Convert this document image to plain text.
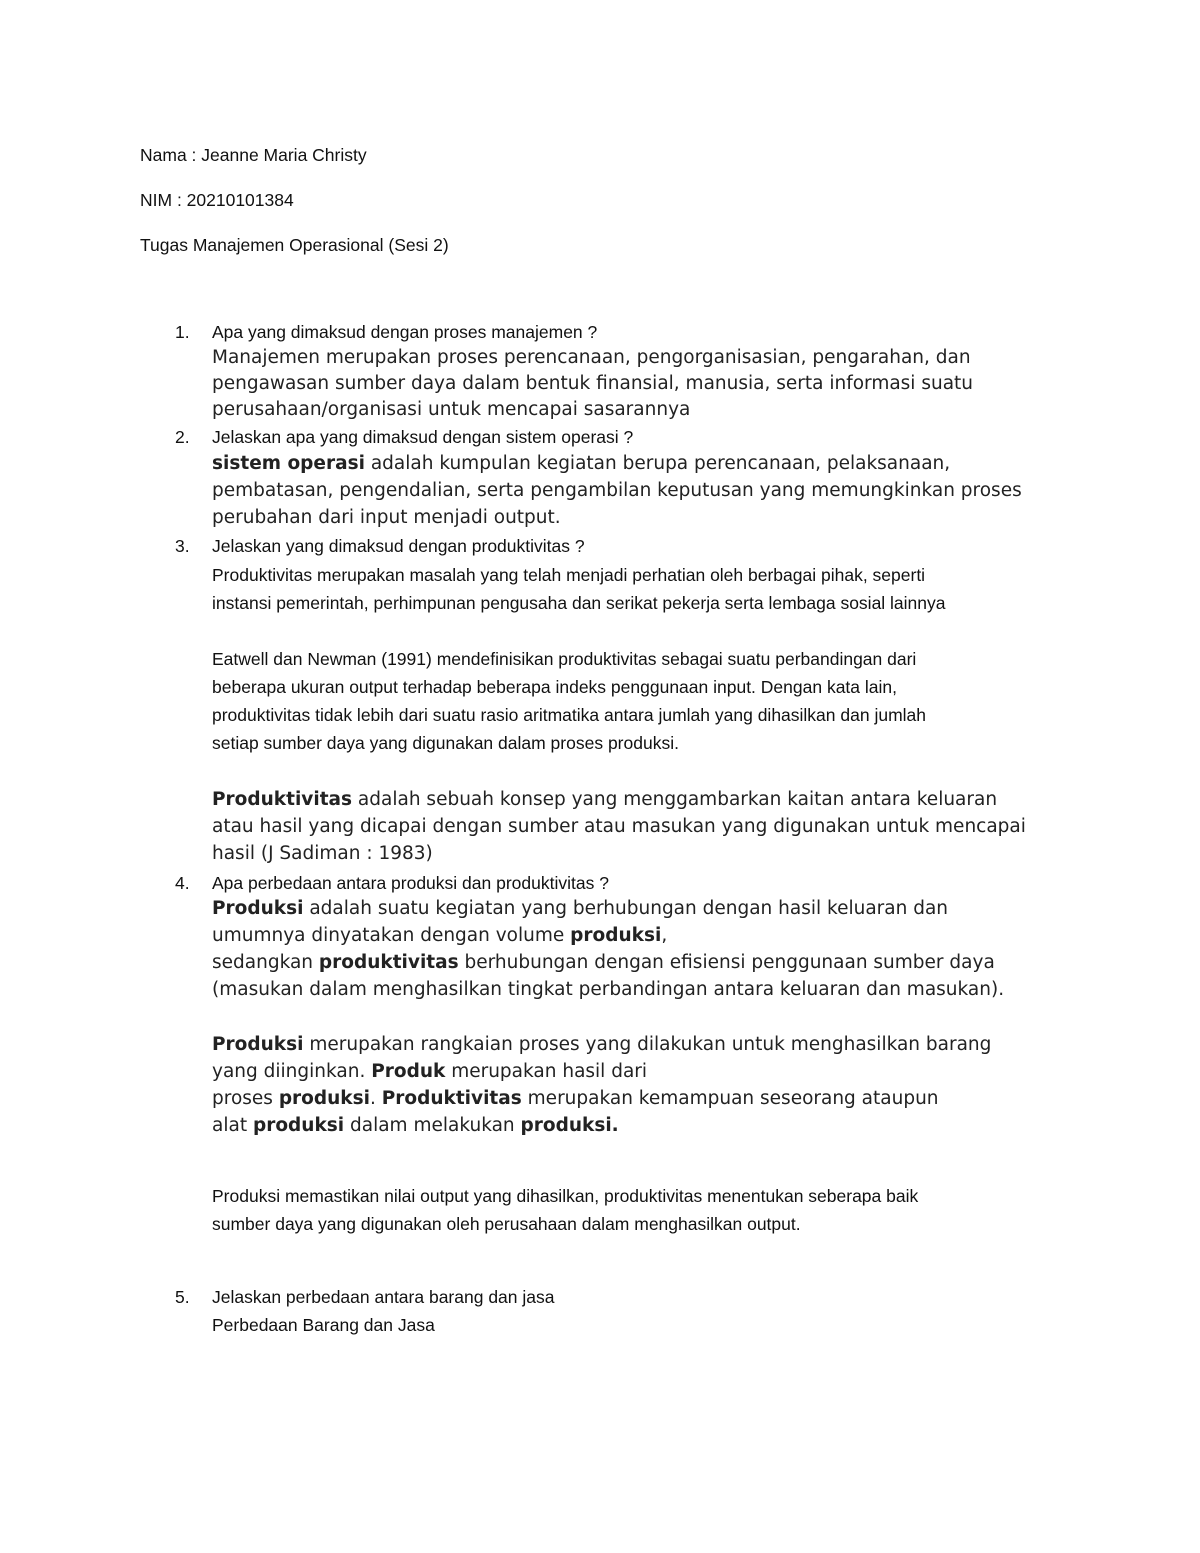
Nama : Jeanne Maria Christy
NIM : 20210101384
Tugas Manajemen Operasional (Sesi 2)
1. Apa yang dimaksud dengan proses manajemen ?
Manajemen merupakan proses perencanaan, pengorganisasian, pengarahan, dan
pengawasan sumber daya dalam bentuk finansial, manusia, serta informasi suatu
perusahaan/organisasi untuk mencapai sasarannya
2. Jelaskan apa yang dimaksud dengan sistem operasi ?
sistem operasi adalah kumpulan kegiatan berupa perencanaan, pelaksanaan,
pembatasan, pengendalian, serta pengambilan keputusan yang memungkinkan proses
perubahan dari input menjadi output.
3. Jelaskan yang dimaksud dengan produktivitas ?
Produktivitas merupakan masalah yang telah menjadi perhatian oleh berbagai pihak, seperti
instansi pemerintah, perhimpunan pengusaha dan serikat pekerja serta lembaga sosial lainnya
Eatwell dan Newman (1991) mendefinisikan produktivitas sebagai suatu perbandingan dari
beberapa ukuran output terhadap beberapa indeks penggunaan input. Dengan kata lain,
produktivitas tidak lebih dari suatu rasio aritmatika antara jumlah yang dihasilkan dan jumlah
setiap sumber daya yang digunakan dalam proses produksi.
Produktivitas adalah sebuah konsep yang menggambarkan kaitan antara keluaran
atau hasil yang dicapai dengan sumber atau masukan yang digunakan untuk mencapai
hasil (J Sadiman : 1983)
4. Apa perbedaan antara produksi dan produktivitas ?
Produksi adalah suatu kegiatan yang berhubungan dengan hasil keluaran dan
umumnya dinyatakan dengan volume produksi,
sedangkan produktivitas berhubungan dengan efisiensi penggunaan sumber daya
(masukan dalam menghasilkan tingkat perbandingan antara keluaran dan masukan).
Produksi merupakan rangkaian proses yang dilakukan untuk menghasilkan barang
yang diinginkan. Produk merupakan hasil dari
proses produksi. Produktivitas merupakan kemampuan seseorang ataupun
alat produksi dalam melakukan produksi.
Produksi memastikan nilai output yang dihasilkan, produktivitas menentukan seberapa baik
sumber daya yang digunakan oleh perusahaan dalam menghasilkan output.
5. Jelaskan perbedaan antara barang dan jasa
Perbedaan Barang dan Jasa
